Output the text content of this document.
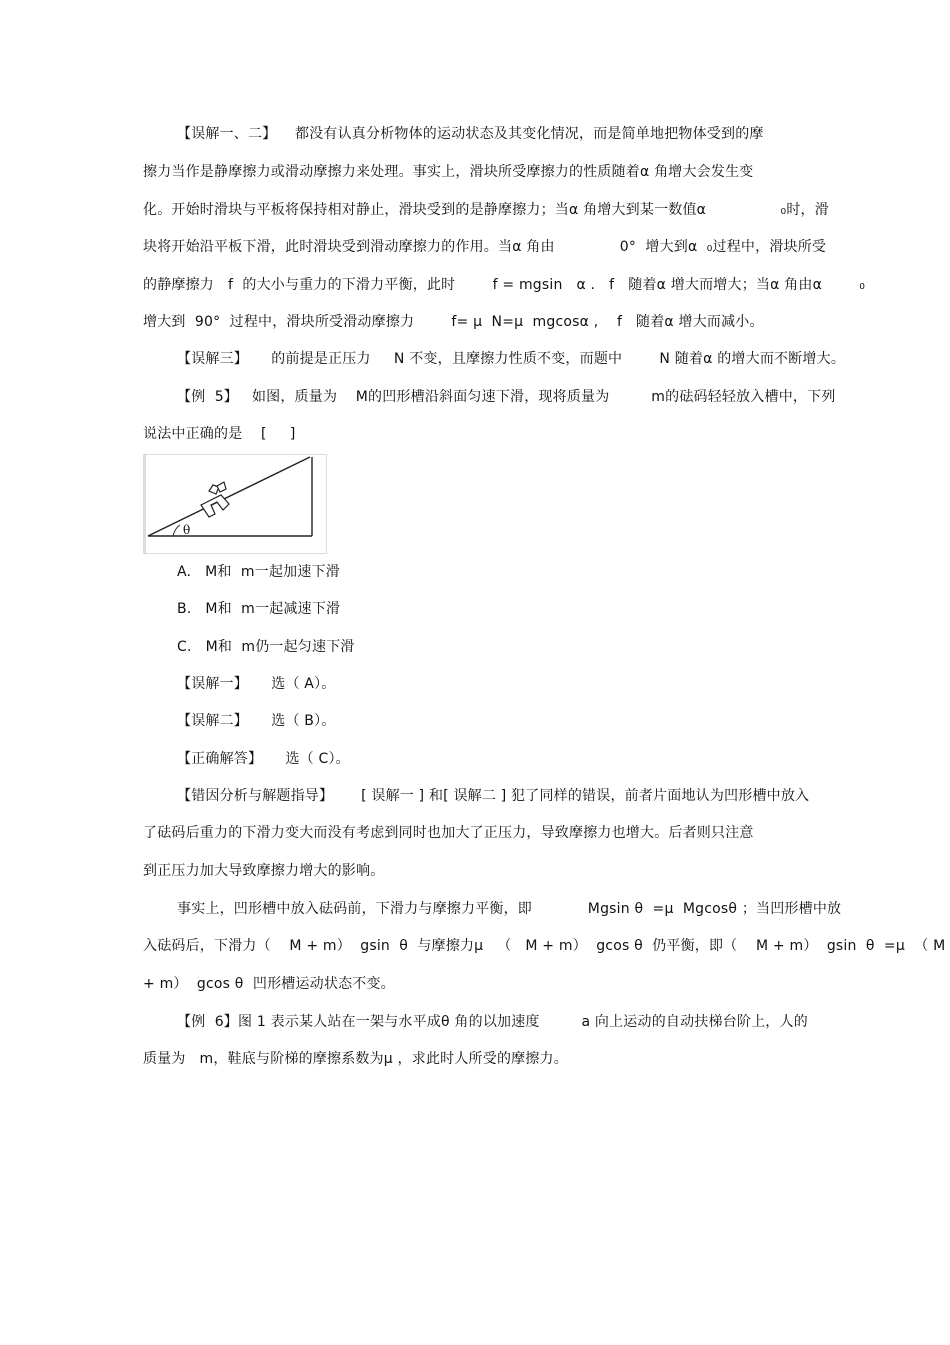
【误解一、二】    都没有认真分析物体的运动状态及其变化情况，而是简单地把物体受到的摩
擦力当作是静摩擦力或滑动摩擦力来处理。事实上，滑块所受摩擦力的性质随着α 角增大会发生变
化。开始时滑块与平板将保持相对静止，滑块受到的是静摩擦力；当α 角增大到某一数值α                ₀时，滑
块将开始沿平板下滑，此时滑块受到滑动摩擦力的作用。当α 角由              0°  增大到α  ₀过程中，滑块所受
的静摩擦力   f  的大小与重力的下滑力平衡，此时        f = mgsin   α .   f   随着α 增大而增大；当α 角由α        ₀
增大到  90°  过程中，滑块所受滑动摩擦力        f= μ  N=μ  mgcosα ,    f   随着α 增大而减小。
【误解三】     的前提是正压力     N 不变，且摩擦力性质不变，而题中        N 随着α 的增大而不断增大。
【例  5】   如图，质量为    M的凹形槽沿斜面匀速下滑，现将质量为         m的砝码轻轻放入槽中，下列
说法中正确的是    [     ]
θ
A.   M和  m一起加速下滑
B.   M和  m一起减速下滑
C.   M和  m仍一起匀速下滑
【误解一】     选（ A）。
【误解二】     选（ B）。
【正确解答】     选（ C）。
【错因分析与解题指导】      [ 误解一 ] 和[ 误解二 ] 犯了同样的错误，前者片面地认为凹形槽中放入
了砝码后重力的下滑力变大而没有考虑到同时也加大了正压力，导致摩擦力也增大。后者则只注意
到正压力加大导致摩擦力增大的影响。
事实上，凹形槽中放入砝码前，下滑力与摩擦力平衡，即            Mgsin θ  =μ  Mgcosθ ；当凹形槽中放
入砝码后，下滑力（    M + m）  gsin  θ  与摩擦力μ   （   M + m）  gcos θ  仍平衡，即（    M + m）  gsin  θ  =μ  （ M
+ m）  gcos θ  凹形槽运动状态不变。
【例  6】图 1 表示某人站在一架与水平成θ 角的以加速度         a 向上运动的自动扶梯台阶上，人的
质量为   m，鞋底与阶梯的摩擦系数为μ ，求此时人所受的摩擦力。
